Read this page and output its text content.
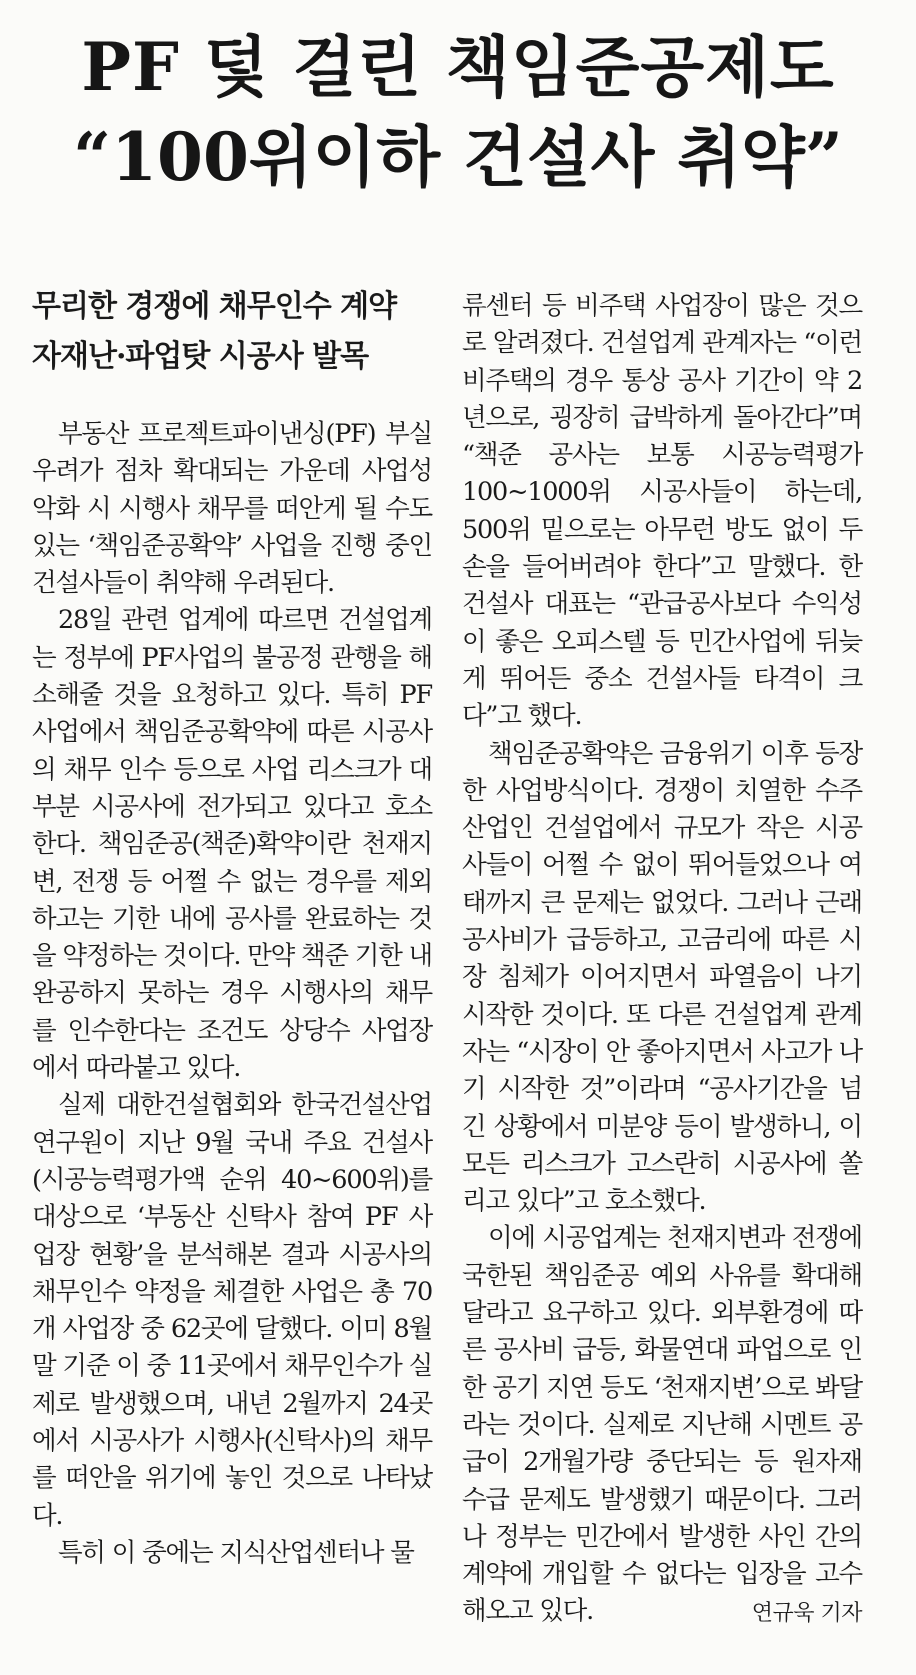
PF 덫 걸린 책임준공제도
“100위이하 건설사 취약”
무리한 경쟁에 채무인수 계약
자재난·파업탓 시공사 발목

부동산 프로젝트파이낸싱(PF) 부실 우려가 점차 확대되는 가운데 사업성 악화 시 시행사 채무를 떠안게 될 수도 있는 ‘책임준공확약’ 사업을 진행 중인 건설사들이 취약해 우려된다.

28일 관련 업계에 따르면 건설업계는 정부에 PF사업의 불공정 관행을 해소해줄 것을 요청하고 있다. 특히 PF사업에서 책임준공확약에 따른 시공사의 채무 인수 등으로 사업 리스크가 대부분 시공사에 전가되고 있다고 호소한다. 책임준공(책준)확약이란 천재지변, 전쟁 등 어쩔 수 없는 경우를 제외하고는 기한 내에 공사를 완료하는 것을 약정하는 것이다. 만약 책준 기한 내 완공하지 못하는 경우 시행사의 채무를 인수한다는 조건도 상당수 사업장에서 따라붙고 있다.

실제 대한건설협회와 한국건설산업연구원이 지난 9월 국내 주요 건설사(시공능력평가액 순위 40~600위)를 대상으로 ‘부동산 신탁사 참여 PF 사업장 현황’을 분석해본 결과 시공사의 채무인수 약정을 체결한 사업은 총 70개 사업장 중 62곳에 달했다. 이미 8월 말 기준 이 중 11곳에서 채무인수가 실제로 발생했으며, 내년 2월까지 24곳에서 시공사가 시행사(신탁사)의 채무를 떠안을 위기에 놓인 것으로 나타났다.

특히 이 중에는 지식산업센터나 물

류센터 등 비주택 사업장이 많은 것으로 알려졌다. 건설업계 관계자는 “이런 비주택의 경우 통상 공사 기간이 약 2년으로, 굉장히 급박하게 돌아간다”며 “책준 공사는 보통 시공능력평가 100~1000위 시공사들이 하는데, 500위 밑으로는 아무런 방도 없이 두 손을 들어버려야 한다”고 말했다. 한 건설사 대표는 “관급공사보다 수익성이 좋은 오피스텔 등 민간사업에 뒤늦게 뛰어든 중소 건설사들 타격이 크다”고 했다.

책임준공확약은 금융위기 이후 등장한 사업방식이다. 경쟁이 치열한 수주산업인 건설업에서 규모가 작은 시공사들이 어쩔 수 없이 뛰어들었으나 여태까지 큰 문제는 없었다. 그러나 근래 공사비가 급등하고, 고금리에 따른 시장 침체가 이어지면서 파열음이 나기 시작한 것이다. 또 다른 건설업계 관계자는 “시장이 안 좋아지면서 사고가 나기 시작한 것”이라며 “공사기간을 넘긴 상황에서 미분양 등이 발생하니, 이 모든 리스크가 고스란히 시공사에 쏠리고 있다”고 호소했다.

이에 시공업계는 천재지변과 전쟁에 국한된 책임준공 예외 사유를 확대해달라고 요구하고 있다. 외부환경에 따른 공사비 급등, 화물연대 파업으로 인한 공기 지연 등도 ‘천재지변’으로 봐달라는 것이다. 실제로 지난해 시멘트 공급이 2개월가량 중단되는 등 원자재 수급 문제도 발생했기 때문이다. 그러나 정부는 민간에서 발생한 사인 간의 계약에 개입할 수 없다는 입장을 고수해오고 있다.	연규욱 기자
